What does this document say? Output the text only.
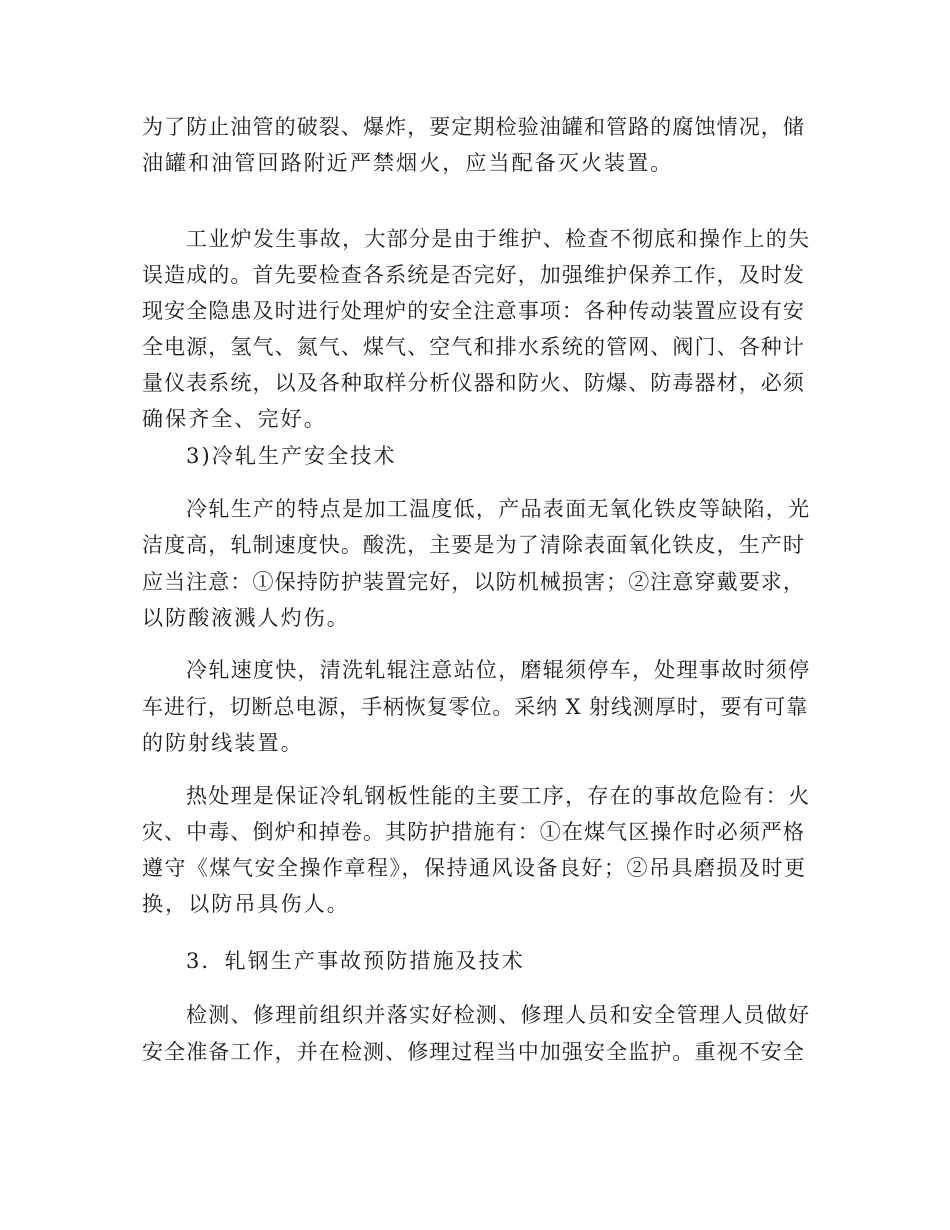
为了防止油管的破裂、爆炸，要定期检验油罐和管路的腐蚀情况，储
油罐和油管回路附近严禁烟火，应当配备灭火装置。
工业炉发生事故，大部分是由于维护、检查不彻底和操作上的失
误造成的。首先要检查各系统是否完好，加强维护保养工作，及时发
现安全隐患及时进行处理炉的安全注意事项：各种传动装置应设有安
全电源，氢气、氮气、煤气、空气和排水系统的管网、阀门、各种计
量仪表系统，以及各种取样分析仪器和防火、防爆、防毒器材，必须
确保齐全、完好。
3)冷轧生产安全技术
冷轧生产的特点是加工温度低，产品表面无氧化铁皮等缺陷，光
洁度高，轧制速度快。酸洗，主要是为了清除表面氧化铁皮，生产时
应当注意：①保持防护装置完好，以防机械损害；②注意穿戴要求，
以防酸液溅人灼伤。
冷轧速度快，清洗轧辊注意站位，磨辊须停车，处理事故时须停
车进行，切断总电源，手柄恢复零位。采纳 X 射线测厚时，要有可靠
的防射线装置。
热处理是保证冷轧钢板性能的主要工序，存在的事故危险有：火
灾、中毒、倒炉和掉卷。其防护措施有：①在煤气区操作时必须严格
遵守《煤气安全操作章程》，保持通风设备良好；②吊具磨损及时更
换，以防吊具伤人。
3．轧钢生产事故预防措施及技术
检测、修理前组织并落实好检测、修理人员和安全管理人员做好
安全准备工作，并在检测、修理过程当中加强安全监护。重视不安全
